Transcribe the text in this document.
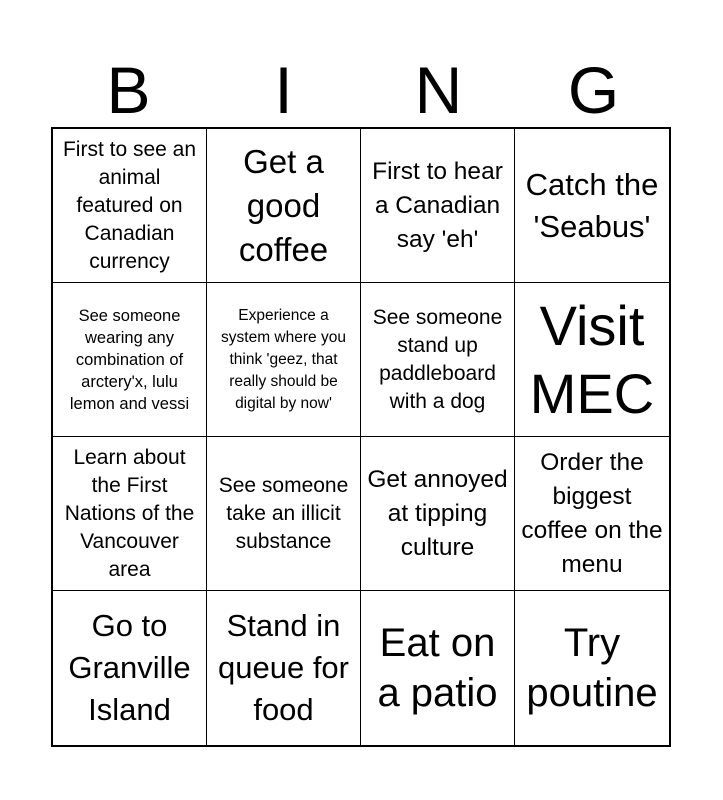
B	I	N	G
First to see an animal featured on Canadian currency
Get a good coffee
First to hear a Canadian say 'eh'
Catch the 'Seabus'
See someone wearing any combination of arctery'x, lulu lemon and vessi
Experience a system where you think 'geez, that really should be digital by now'
See someone stand up paddleboard with a dog
Visit MEC
Learn about the First Nations of the Vancouver area
See someone take an illicit substance
Get annoyed at tipping culture
Order the biggest coffee on the menu
Go to Granville Island
Stand in queue for food
Eat on a patio
Try poutine
